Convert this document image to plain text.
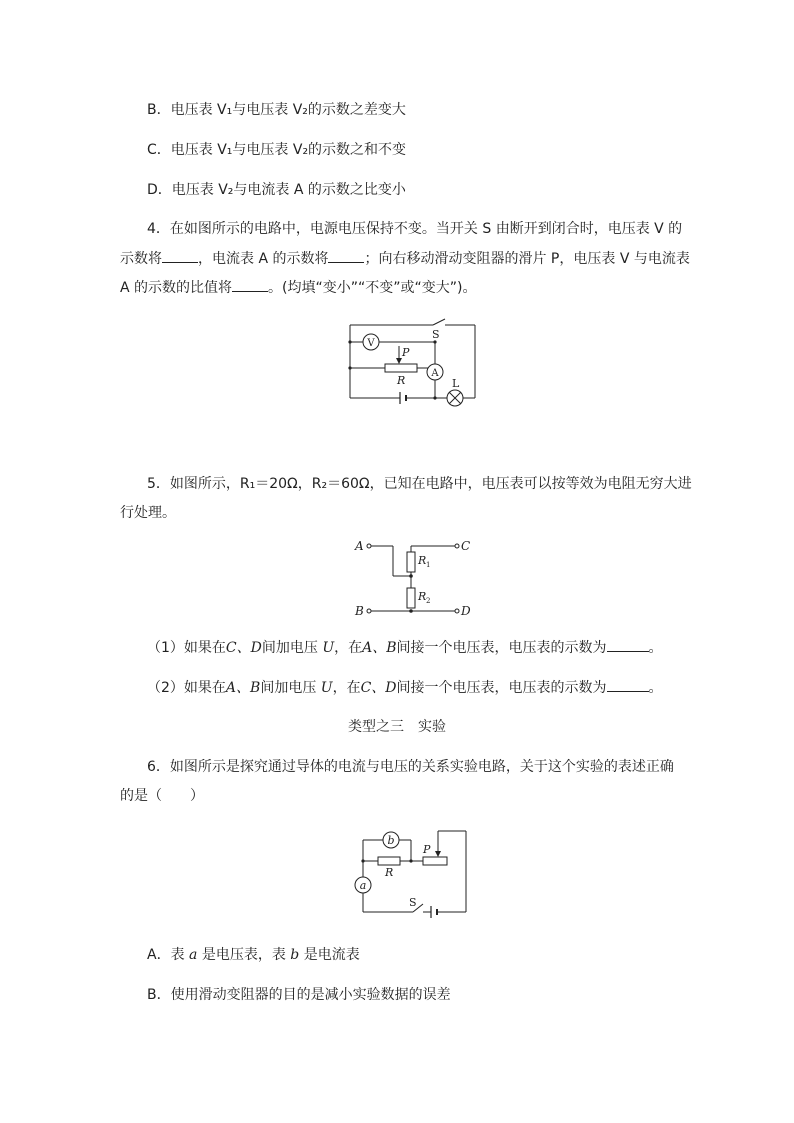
B．电压表 V₁与电压表 V₂的示数之差变大
C．电压表 V₁与电压表 V₂的示数之和不变
D．电压表 V₂与电流表 A 的示数之比变小
4．在如图所示的电路中，电源电压保持不变。当开关 S 由断开到闭合时，电压表 V 的
示数将	，电流表 A 的示数将	；向右移动滑动变阻器的滑片 P，电压表 V 与电流表
A 的示数的比值将	。(均填“变小”“不变”或“变大”)。
V
A
S
L
P
R
5．如图所示，R₁＝20Ω，R₂＝60Ω，已知在电路中，电压表可以按等效为电阻无穷大进
行处理。
A
B
C
D
R 1
R 2
（1）如果在C、D间加电压 U，在A、B间接一个电压表，电压表的示数为	。
（2）如果在A、B间加电压 U，在C、D间接一个电压表，电压表的示数为	。
类型之三　实验
6．如图所示是探究通过导体的电流与电压的关系实验电路，关于这个实验的表述正确
的是（　　）
a
b
P
R
S
A．表 a 是电压表，表 b 是电流表
B．使用滑动变阻器的目的是减小实验数据的误差
